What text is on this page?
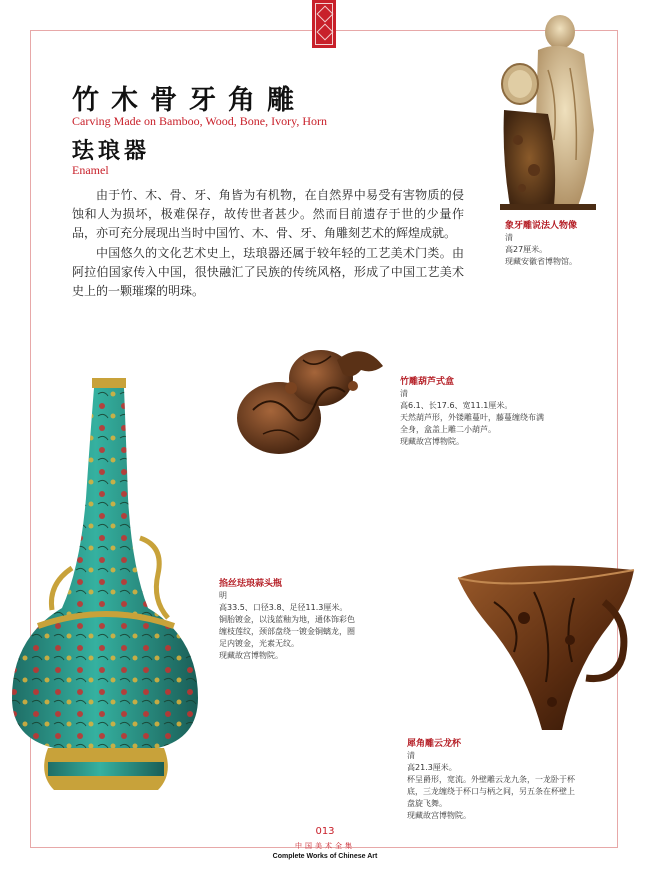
竹木骨牙角雕
Carving Made on Bamboo, Wood, Bone, Ivory, Horn
珐琅器
Enamel

由于竹、木、骨、牙、角皆为有机物，在自然界中易受有害物质的侵蚀和人为损坏，极难保存，故传世者甚少。然而目前遗存于世的少量作品，亦可充分展现出当时中国竹、木、骨、牙、角雕刻艺术的辉煌成就。

中国悠久的文化艺术史上，珐琅器还属于较年轻的工艺美术门类。由阿拉伯国家传入中国，很快融汇了民族的传统风格，形成了中国工艺美术史上的一颗璀璨的明珠。

象牙雕说法人物像
清
高27厘米。
现藏安徽省博物馆。
竹雕葫芦式盒
清
高6.1、长17.6、宽11.1厘米。
天然葫芦形，外镂雕蔓叶，藤蔓缠绕布满
全身，盒盖上雕二小葫芦。
现藏故宫博物院。
掐丝珐琅蒜头瓶
明
高33.5、口径3.8、足径11.3厘米。
铜胎镀金，以浅蓝釉为地，通体饰彩色
缠枝莲纹，颈部盘绕一镀金铜螭龙，圈
足内镀金，光素无纹。
现藏故宫博物院。
犀角雕云龙杯
清
高21.3厘米。
杯呈爵形，宽流。外壁雕云龙九条，一龙卧于杯
底，三龙缠绕于杯口与柄之间，另五条在杯壁上
盘旋飞舞。
现藏故宫博物院。
013
中国美术全集
Complete Works of Chinese Art
